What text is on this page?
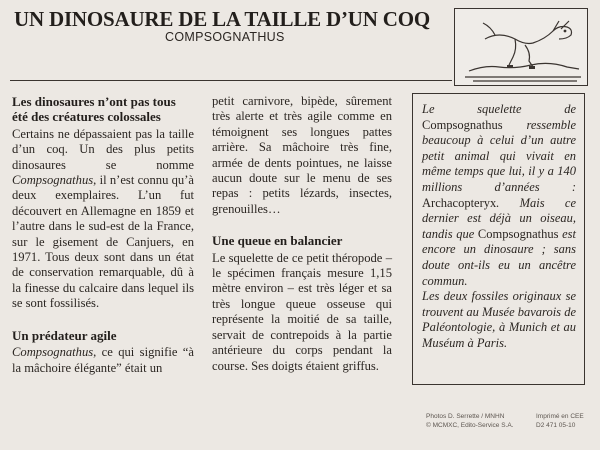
UN DINOSAURE DE LA TAILLE D’UN COQ
COMPSOGNATHUS
Les dinosaures n’ont pas tous été des créatures colossales

Certains ne dépassaient pas la taille d’un coq. Un des plus petits dinosaures se nomme Compsognathus, il n’est connu qu’à deux exemplaires. L’un fut découvert en Allemagne en 1859 et l’autre dans le sud-est de la France, sur le gisement de Canjuers, en 1971. Tous deux sont dans un état de conservation remarquable, dû à la finesse du calcaire dans lequel ils se sont fossilisés.

Un prédateur agile

Compsognathus, ce qui signifie “à la mâchoire élégante” était un

petit carnivore, bipède, sûrement très alerte et très agile comme en témoignent ses longues pattes arrière. Sa mâchoire très fine, armée de dents pointues, ne laisse aucun doute sur le menu de ses repas : petits lézards, insectes, grenouilles…

Une queue en balancier

Le squelette de ce petit théropode – le spécimen français mesure 1,15 mètre environ – est très léger et sa très longue queue osseuse qui représente la moitié de sa taille, servait de contrepoids à la partie antérieure du corps pendant la course. Ses doigts étaient griffus.

Le squelette de Compsognathus ressemble beaucoup à celui d’un autre petit animal qui vivait en même temps que lui, il y a 140 millions d’années : Archacopteryx. Mais ce dernier est déjà un oiseau, tandis que Compsognathus est encore un dinosaure ; sans doute ont-ils eu un ancêtre commun.

Les deux fossiles originaux se trouvent au Musée bavarois de Paléontologie, à Munich et au Muséum à Paris.

Photos D. Serrette / MNHN
© MCMXC, Edito-Service S.A.
Imprimé en CEE
D2 471 05-10
